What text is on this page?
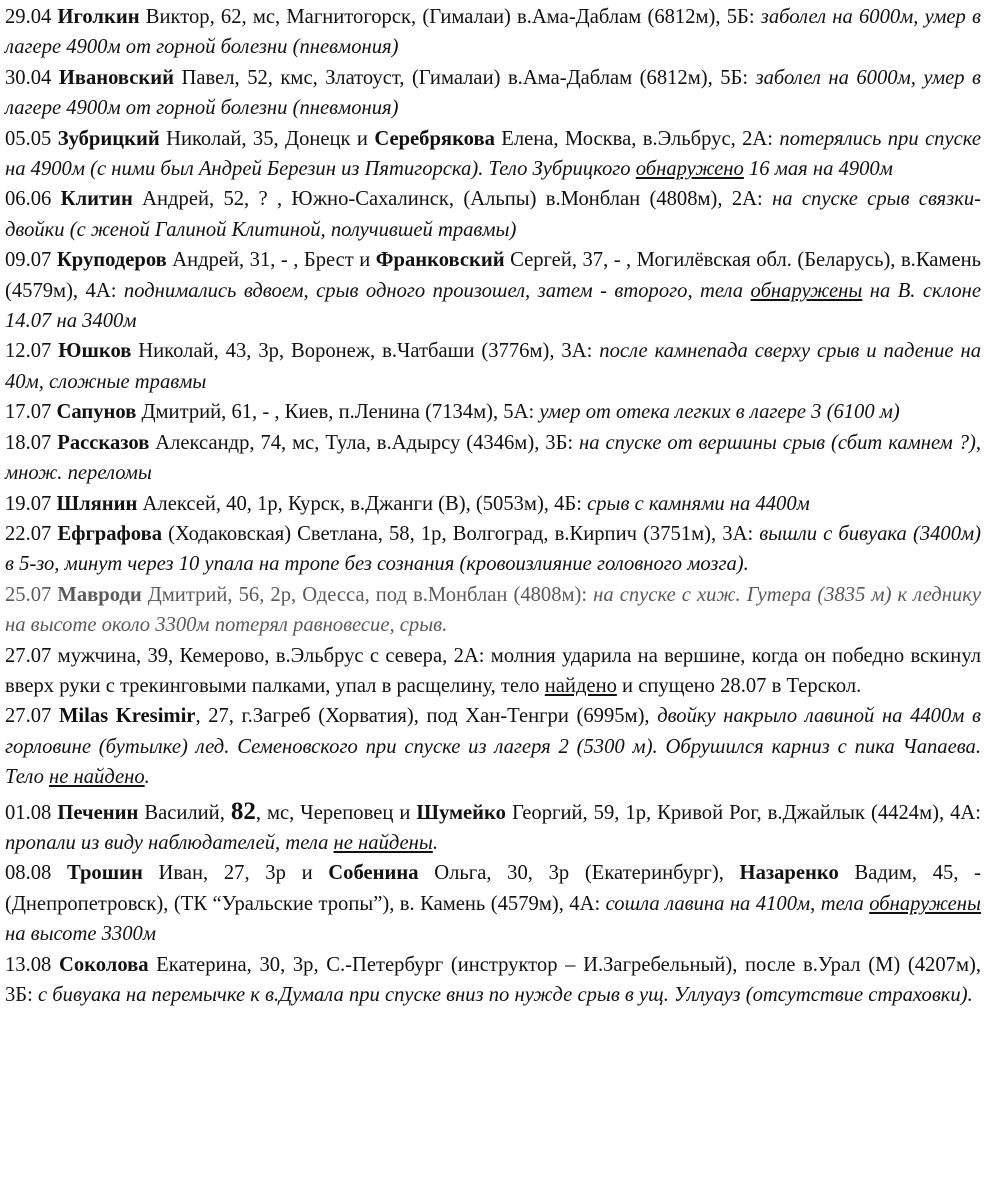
29.04 Иголкин Виктор, 62, мс, Магнитогорск, (Гималаи) в.Ама-Даблам (6812м), 5Б: заболел на 6000м, умер в лагере 4900м от горной болезни (пневмония)

30.04 Ивановский Павел, 52, кмс, Златоуст, (Гималаи) в.Ама-Даблам (6812м), 5Б: заболел на 6000м, умер в лагере 4900м от горной болезни (пневмония)

05.05 Зубрицкий Николай, 35, Донецк и Серебрякова Елена, Москва, в.Эльбрус, 2А: потерялись при спуске на 4900м (с ними был Андрей Березин из Пятигорска). Тело Зубрицкого обнаружено 16 мая на 4900м

06.06 Клитин Андрей, 52, ? , Южно-Сахалинск, (Альпы) в.Монблан (4808м), 2А: на спуске срыв связки-двойки (с женой Галиной Клитиной, получившей травмы)

09.07 Круподеров Андрей, 31, - , Брест и Франковский Сергей, 37, - , Могилёвская обл. (Беларусь), в.Камень (4579м), 4А: поднимались вдвоем, срыв одного произошел, затем - второго, тела обнаружены на В. склоне 14.07 на 3400м

12.07 Юшков Николай, 43, 3р, Воронеж, в.Чатбаши (3776м), 3А: после камнепада сверху срыв и падение на 40м, сложные травмы

17.07 Сапунов Дмитрий, 61, - , Киев, п.Ленина (7134м), 5А: умер от отека легких в лагере 3 (6100 м)

18.07 Рассказов Александр, 74, мс, Тула, в.Адырсу (4346м), 3Б: на спуске от вершины срыв (сбит камнем ?), множ. переломы

19.07 Шлянин Алексей, 40, 1р, Курск, в.Джанги (В), (5053м), 4Б: срыв с камнями на 4400м

22.07 Ефграфова (Ходаковская) Светлана, 58, 1р, Волгоград, в.Кирпич (3751м), 3А: вышли с бивуака (3400м) в 5-зо, минут через 10 упала на тропе без сознания (кровоизлияние головного мозга).

25.07 Мавроди Дмитрий, 56, 2р, Одесса, под в.Монблан (4808м): на спуске с хиж. Гутера (3835 м) к леднику на высоте около 3300м потерял равновесие, срыв.

27.07 мужчина, 39, Кемерово, в.Эльбрус с севера, 2А: молния ударила на вершине, когда он победно вскинул вверх руки с трекинговыми палками, упал в расщелину, тело найдено и спущено 28.07 в Терскол.

27.07 Milas Kresimir, 27, г.Загреб (Хорватия), под Хан-Тенгри (6995м), двойку накрыло лавиной на 4400м в горловине (бутылке) лед. Семеновского при спуске из лагеря 2 (5300 м). Обрушился карниз с пика Чапаева. Тело не найдено.

01.08 Печенин Василий, 82, мс, Череповец и Шумейко Георгий, 59, 1р, Кривой Рог, в.Джайлык (4424м), 4А: пропали из виду наблюдателей, тела не найдены.

08.08 Трошин Иван, 27, 3р и Собенина Ольга, 30, 3р (Екатеринбург), Назаренко Вадим, 45, - (Днепропетровск), (ТК “Уральские тропы”), в. Камень (4579м), 4А: сошла лавина на 4100м, тела обнаружены на высоте 3300м

13.08 Соколова Екатерина, 30, 3р, С.-Петербург (инструктор – И.Загребельный), после в.Урал (М) (4207м), 3Б: с бивуака на перемычке к в.Думала при спуске вниз по нужде срыв в ущ. Уллуауз (отсутствие страховки).
